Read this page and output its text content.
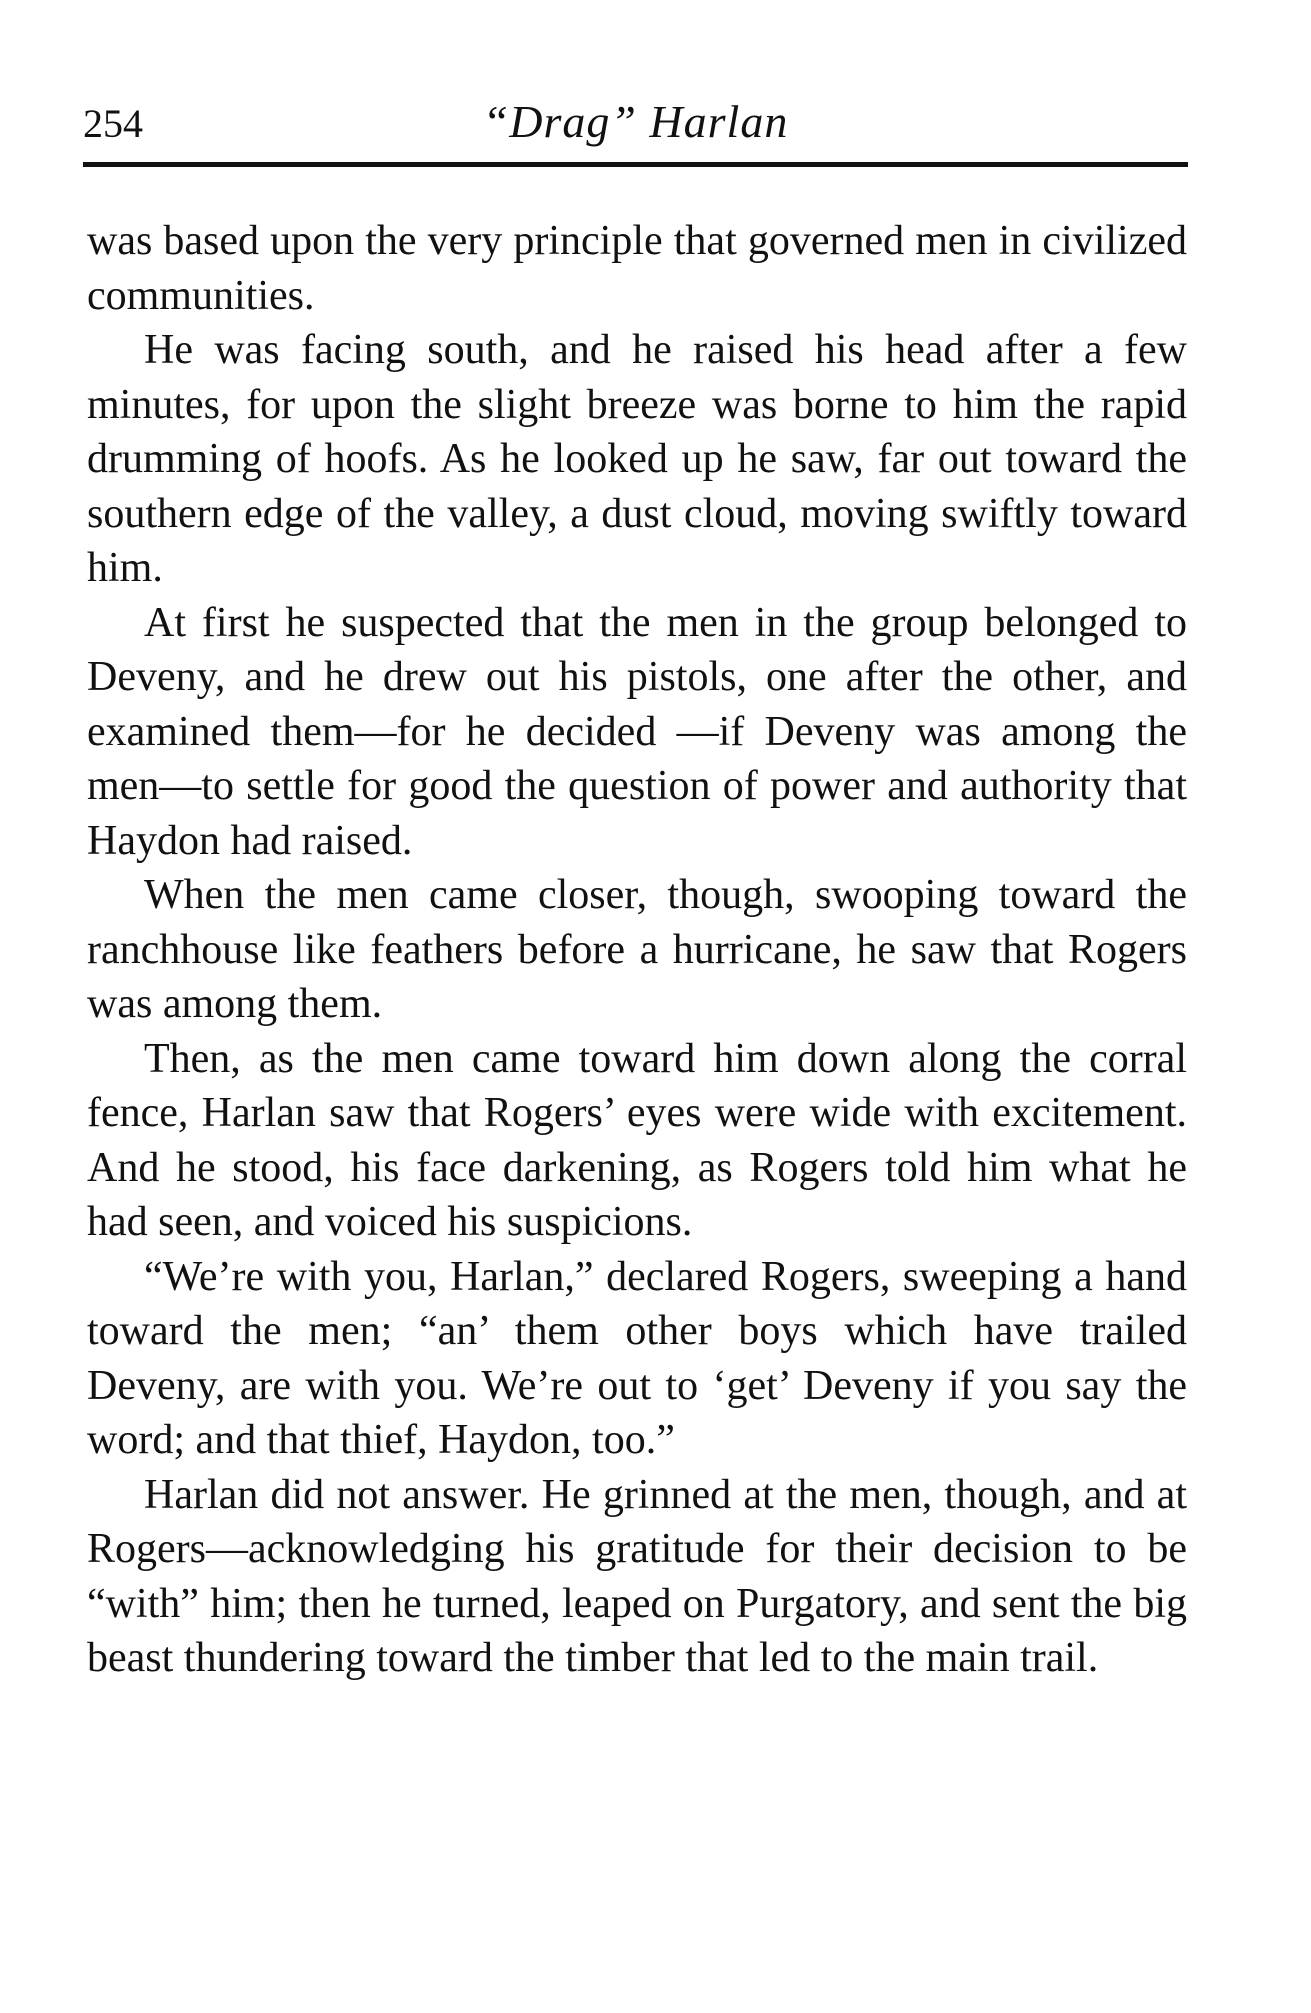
254	“Drag” Harlan

was based upon the very principle that governed men in civilized communities.

He was facing south, and he raised his head after a few minutes, for upon the slight breeze was borne to him the rapid drumming of hoofs. As he looked up he saw, far out toward the southern edge of the valley, a dust cloud, moving swiftly toward him.

At first he suspected that the men in the group belonged to Deveny, and he drew out his pistols, one after the other, and examined them—for he decided —if Deveny was among the men—to settle for good the question of power and authority that Haydon had raised.

When the men came closer, though, swooping toward the ranchhouse like feathers before a hurricane, he saw that Rogers was among them.

Then, as the men came toward him down along the corral fence, Harlan saw that Rogers’ eyes were wide with excitement. And he stood, his face darkening, as Rogers told him what he had seen, and voiced his suspicions.

“We’re with you, Harlan,” declared Rogers, sweeping a hand toward the men; “an’ them other boys which have trailed Deveny, are with you. We’re out to ‘get’ Deveny if you say the word; and that thief, Haydon, too.”

Harlan did not answer. He grinned at the men, though, and at Rogers—acknowledging his gratitude for their decision to be “with” him; then he turned, leaped on Purgatory, and sent the big beast thundering toward the timber that led to the main trail.
